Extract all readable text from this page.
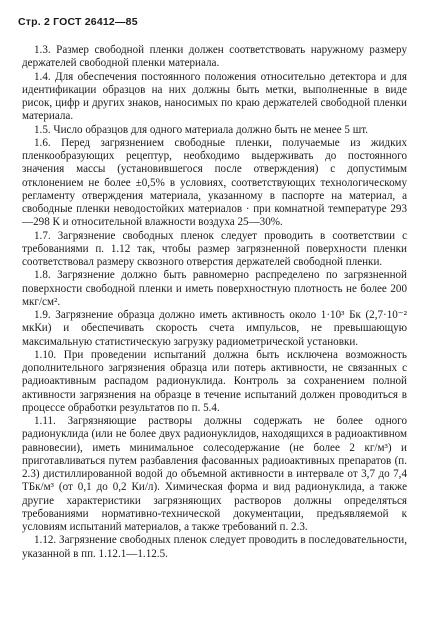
Стр. 2 ГОСТ 26412—85

1.3. Размер свободной пленки должен соответствовать наружному размеру держателей свободной пленки материала.

1.4. Для обеспечения постоянного положения относительно детектора и для идентификации образцов на них должны быть метки, выполненные в виде рисок, цифр и других знаков, наносимых по краю держателей свободной пленки материала.

1.5. Число образцов для одного материала должно быть не менее 5 шт.

1.6. Перед загрязнением свободные пленки, получаемые из жидких пленкообразующих рецептур, необходимо выдерживать до постоянного значения массы (установившегося после отверждения) с допустимым отклонением не более ±0,5% в условиях, соответствующих технологическому регламенту отверждения материала, указанному в паспорте на материал, а свободные пленки неводостойких материалов · при комнатной температуре 293—298 К и относительной влажности воздуха 25—30%.

1.7. Загрязнение свободных пленок следует проводить в соответствии с требованиями п. 1.12 так, чтобы размер загрязненной поверхности пленки соответствовал размеру сквозного отверстия держателей свободной пленки.

1.8. Загрязнение должно быть равномерно распределено по загрязненной поверхности свободной пленки и иметь поверхностную плотность не более 200 мкг/см².

1.9. Загрязнение образца должно иметь активность около 1·10³ Бк (2,7·10⁻² мкКи) и обеспечивать скорость счета импульсов, не превышающую максимальную статистическую загрузку радиометрической установки.

1.10. При проведении испытаний должна быть исключена возможность дополнительного загрязнения образца или потерь активности, не связанных с радиоактивным распадом радионуклида. Контроль за сохранением полной активности загрязнения на образце в течение испытаний должен проводиться в процессе обработки результатов по п. 5.4.

1.11. Загрязняющие растворы должны содержать не более одного радионуклида (или не более двух радионуклидов, находящихся в радиоактивном равновесии), иметь минимальное солесодержание (не более 2 кг/м³) и приготавливаться путем разбавления фасованных радиоактивных препаратов (п. 2.3) дистиллированной водой до объемной активности в интервале от 3,7 до 7,4 ТБк/м³ (от 0,1 до 0,2 Ки/л). Химическая форма и вид радионуклида, а также другие характеристики загрязняющих растворов должны определяться требованиями нормативно-технической документации, предъявляемой к условиям испытаний материалов, а также требований п. 2.3.

1.12. Загрязнение свободных пленок следует проводить в последовательности, указанной в пп. 1.12.1—1.12.5.
